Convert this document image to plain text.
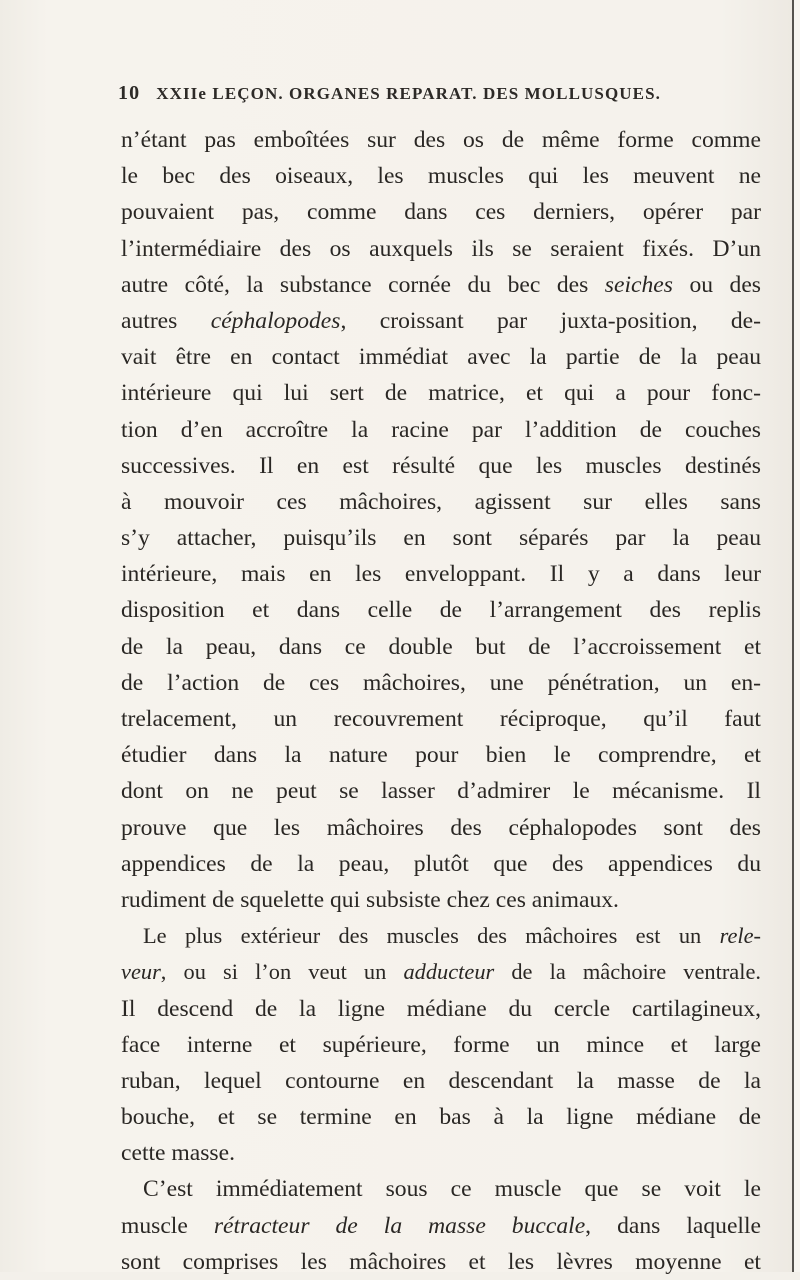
10 XXIIe LEÇON. ORGANES REPARAT. DES MOLLUSQUES.
n’étant pas emboîtées sur des os de même forme comme
le bec des oiseaux, les muscles qui les meuvent ne
pouvaient pas, comme dans ces derniers, opérer par
l’intermédiaire des os auxquels ils se seraient fixés. D’un
autre côté, la substance cornée du bec des seiches ou des
autres céphalopodes, croissant par juxta-position, de-
vait être en contact immédiat avec la partie de la peau
intérieure qui lui sert de matrice, et qui a pour fonc-
tion d’en accroître la racine par l’addition de couches
successives. Il en est résulté que les muscles destinés
à mouvoir ces mâchoires, agissent sur elles sans
s’y attacher, puisqu’ils en sont séparés par la peau
intérieure, mais en les enveloppant. Il y a dans leur
disposition et dans celle de l’arrangement des replis
de la peau, dans ce double but de l’accroissement et
de l’action de ces mâchoires, une pénétration, un en-
trelacement, un recouvrement réciproque, qu’il faut
étudier dans la nature pour bien le comprendre, et
dont on ne peut se lasser d’admirer le mécanisme. Il
prouve que les mâchoires des céphalopodes sont des
appendices de la peau, plutôt que des appendices du
rudiment de squelette qui subsiste chez ces animaux.
Le plus extérieur des muscles des mâchoires est un rele-
veur, ou si l’on veut un adducteur de la mâchoire ventrale.
Il descend de la ligne médiane du cercle cartilagineux,
face interne et supérieure, forme un mince et large
ruban, lequel contourne en descendant la masse de la
bouche, et se termine en bas à la ligne médiane de
cette masse.
C’est immédiatement sous ce muscle que se voit le
muscle rétracteur de la masse buccale, dans laquelle
sont comprises les mâchoires et les lèvres moyenne et
